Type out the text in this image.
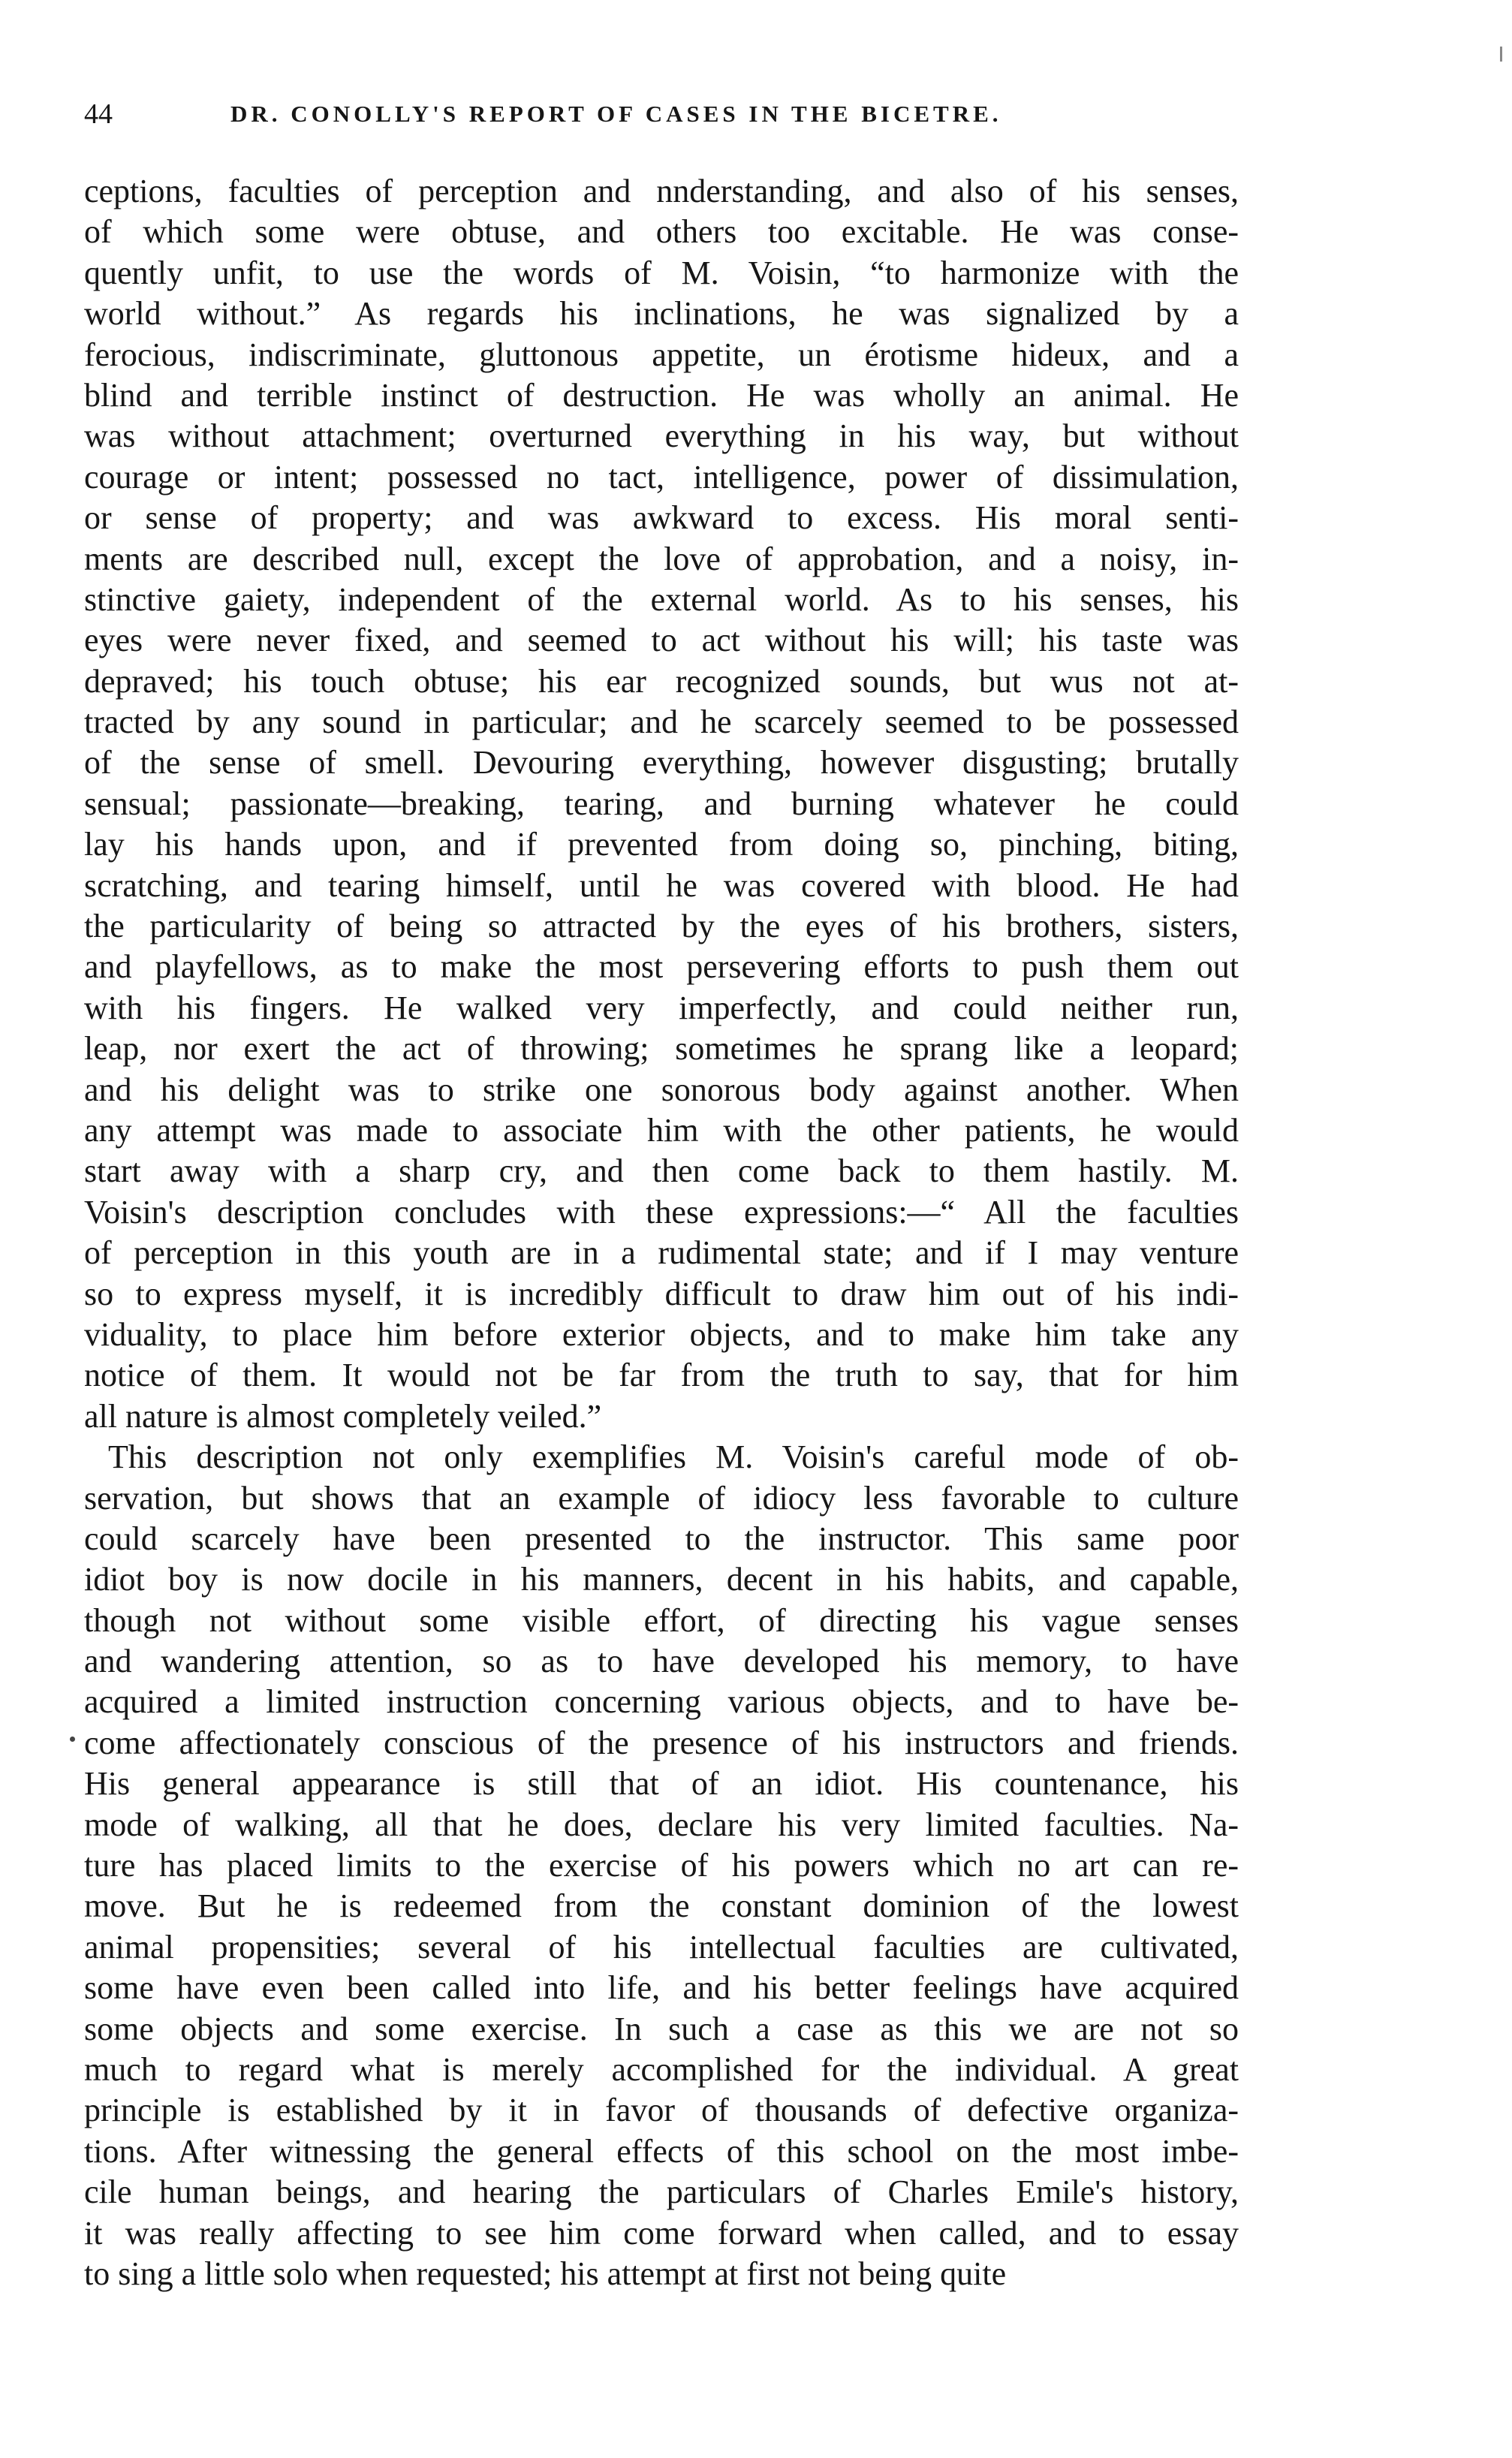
44	DR. CONOLLY'S REPORT OF CASES IN THE BICETRE.
ceptions, faculties of perception and nnderstanding, and also of his senses,
of which some were obtuse, and others too excitable. He was conse-
quently unfit, to use the words of M. Voisin, “to harmonize with the
world without.” As regards his inclinations, he was signalized by a
ferocious, indiscriminate, gluttonous appetite, un érotisme hideux, and a
blind and terrible instinct of destruction. He was wholly an animal. He
was without attachment; overturned everything in his way, but without
courage or intent; possessed no tact, intelligence, power of dissimulation,
or sense of property; and was awkward to excess. His moral senti-
ments are described null, except the love of approbation, and a noisy, in-
stinctive gaiety, independent of the external world. As to his senses, his
eyes were never fixed, and seemed to act without his will; his taste was
depraved; his touch obtuse; his ear recognized sounds, but wus not at-
tracted by any sound in particular; and he scarcely seemed to be possessed
of the sense of smell. Devouring everything, however disgusting; brutally
sensual; passionate—breaking, tearing, and burning whatever he could
lay his hands upon, and if prevented from doing so, pinching, biting,
scratching, and tearing himself, until he was covered with blood. He had
the particularity of being so attracted by the eyes of his brothers, sisters,
and playfellows, as to make the most persevering efforts to push them out
with his fingers. He walked very imperfectly, and could neither run,
leap, nor exert the act of throwing; sometimes he sprang like a leopard;
and his delight was to strike one sonorous body against another. When
any attempt was made to associate him with the other patients, he would
start away with a sharp cry, and then come back to them hastily. M.
Voisin's description concludes with these expressions:—“ All the faculties
of perception in this youth are in a rudimental state; and if I may venture
so to express myself, it is incredibly difficult to draw him out of his indi-
viduality, to place him before exterior objects, and to make him take any
notice of them. It would not be far from the truth to say, that for him
all nature is almost completely veiled.”
This description not only exemplifies M. Voisin's careful mode of ob-
servation, but shows that an example of idiocy less favorable to culture
could scarcely have been presented to the instructor. This same poor
idiot boy is now docile in his manners, decent in his habits, and capable,
though not without some visible effort, of directing his vague senses
and wandering attention, so as to have developed his memory, to have
acquired a limited instruction concerning various objects, and to have be-
come affectionately conscious of the presence of his instructors and friends.
His general appearance is still that of an idiot. His countenance, his
mode of walking, all that he does, declare his very limited faculties. Na-
ture has placed limits to the exercise of his powers which no art can re-
move. But he is redeemed from the constant dominion of the lowest
animal propensities; several of his intellectual faculties are cultivated,
some have even been called into life, and his better feelings have acquired
some objects and some exercise. In such a case as this we are not so
much to regard what is merely accomplished for the individual. A great
principle is established by it in favor of thousands of defective organiza-
tions. After witnessing the general effects of this school on the most imbe-
cile human beings, and hearing the particulars of Charles Emile's history,
it was really affecting to see him come forward when called, and to essay
to sing a little solo when requested; his attempt at first not being quite
